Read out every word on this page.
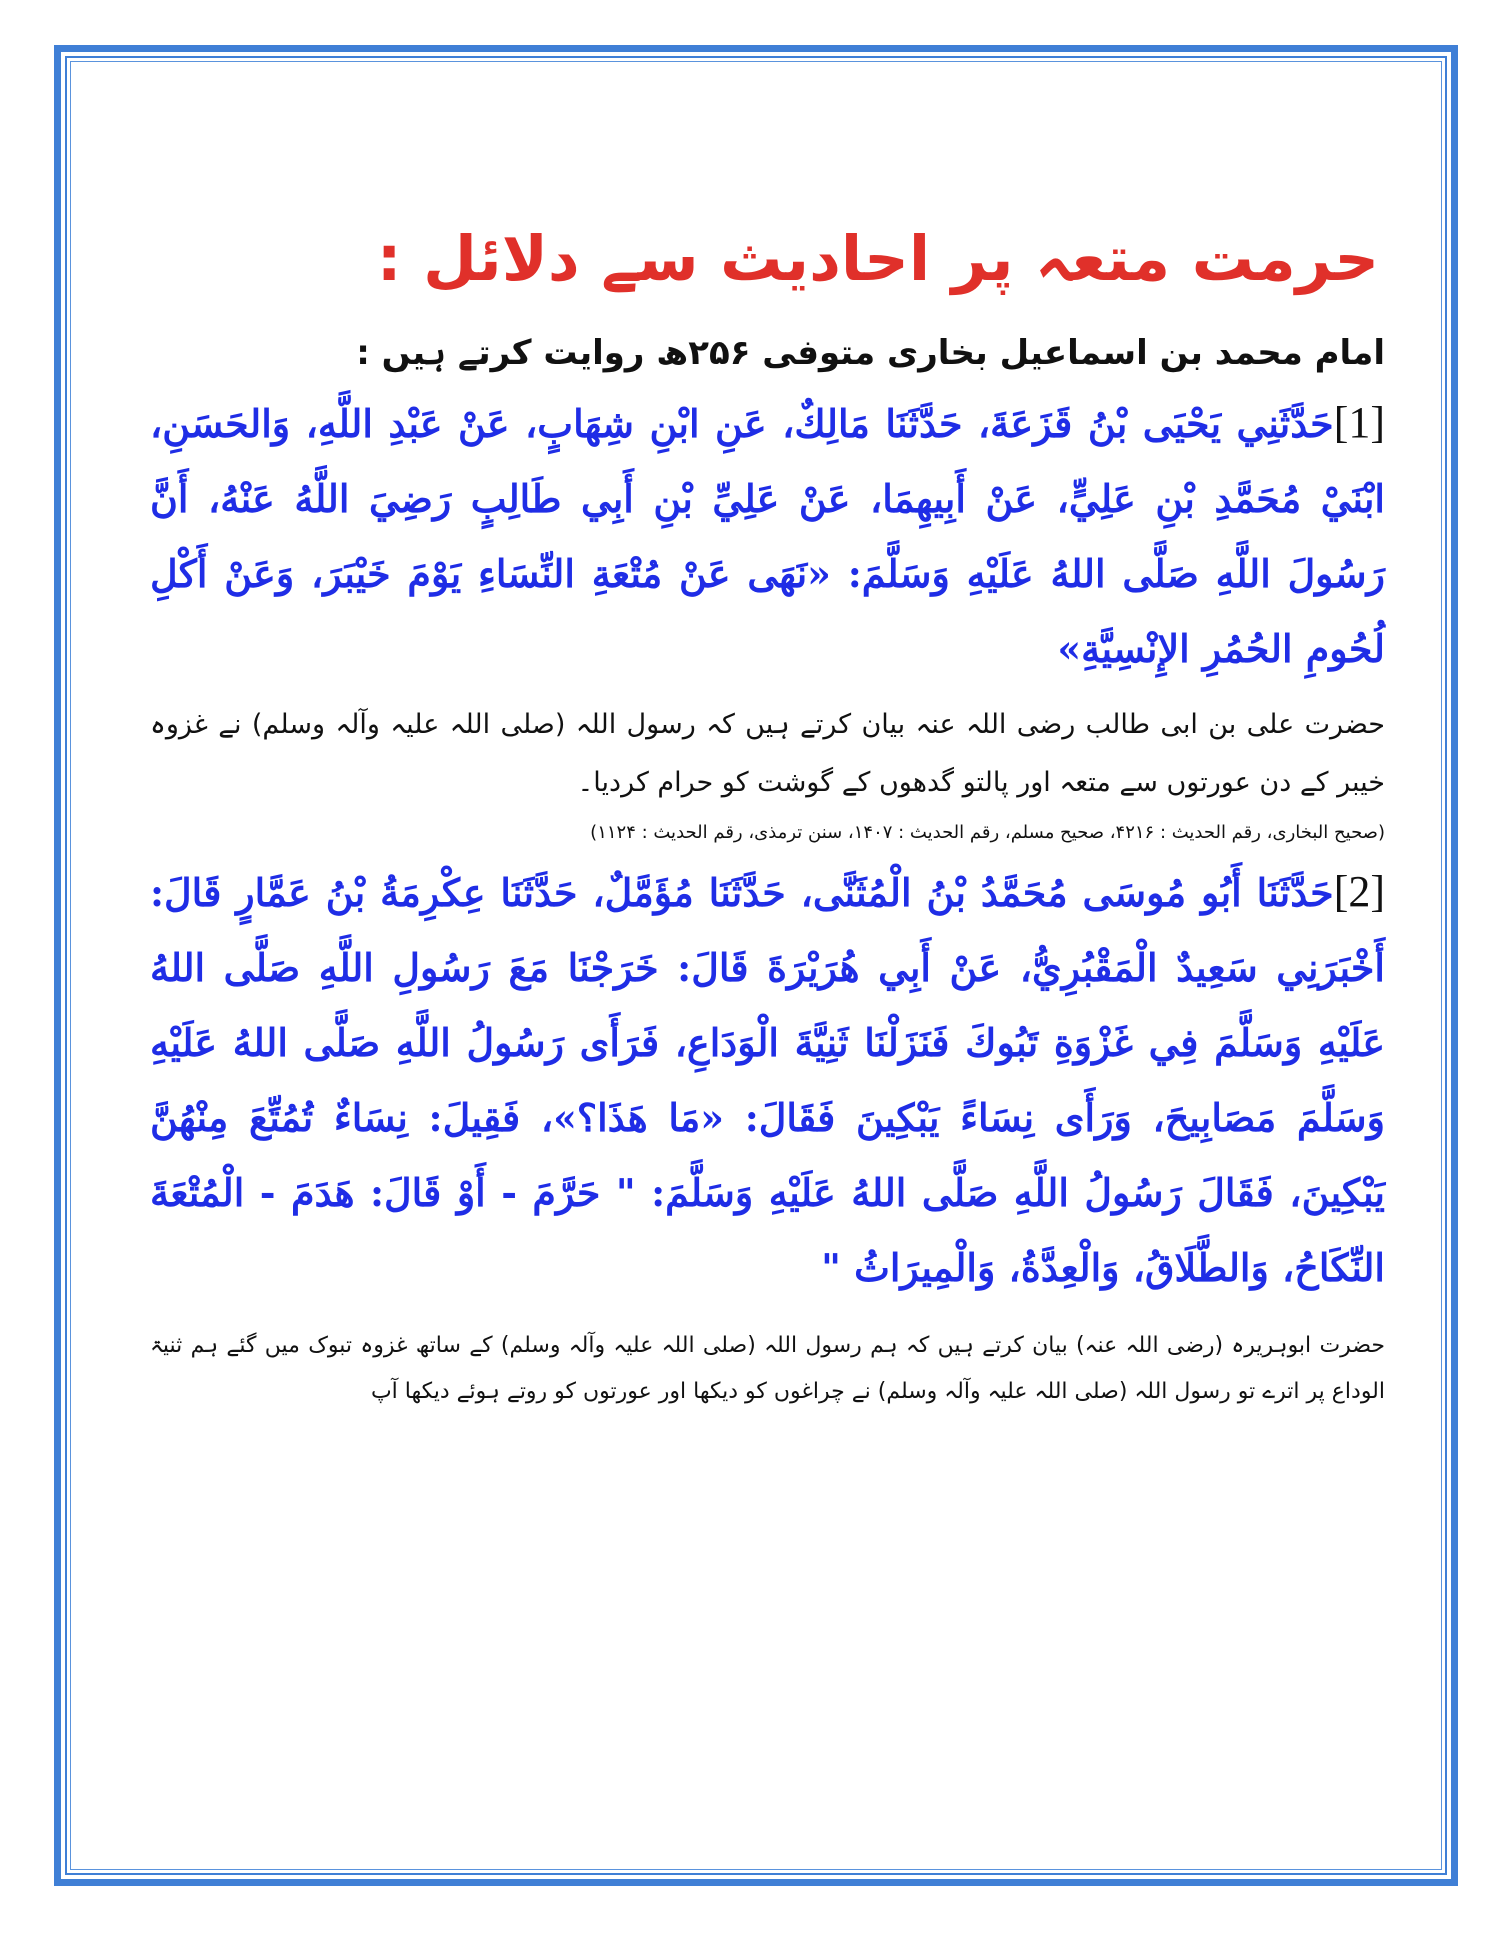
حرمت متعہ پر احادیث سے دلائل :

امام محمد بن اسماعیل بخاری متوفی ۲۵۶ھ روایت کرتے ہیں :

[1]حَدَّثَنِي يَحْيَى بْنُ قَزَعَةَ، حَدَّثَنَا مَالِكٌ، عَنِ ابْنِ شِهَابٍ، عَنْ عَبْدِ اللَّهِ، وَالحَسَنِ، ابْنَيْ مُحَمَّدِ بْنِ عَلِيٍّ، عَنْ أَبِيهِمَا، عَنْ عَلِيِّ بْنِ أَبِي طَالِبٍ رَضِيَ اللَّهُ عَنْهُ، أَنَّ رَسُولَ اللَّهِ صَلَّى اللهُ عَلَيْهِ وَسَلَّمَ: «نَهَى عَنْ مُتْعَةِ النِّسَاءِ يَوْمَ خَيْبَرَ، وَعَنْ أَكْلِ لُحُومِ الحُمُرِ الإِنْسِيَّةِ»

حضرت علی بن ابی طالب رضی اللہ عنہ بیان کرتے ہیں کہ رسول اللہ (صلی اللہ علیہ وآلہ وسلم) نے غزوہ خیبر کے دن عورتوں سے متعہ اور پالتو گدھوں کے گوشت کو حرام کردیا۔

(صحیح البخاری، رقم الحدیث : ۴۲۱۶، صحیح مسلم، رقم الحدیث : ۱۴۰۷، سنن ترمذی، رقم الحدیث : ۱۱۲۴)

[2]حَدَّثَنَا أَبُو مُوسَى مُحَمَّدُ بْنُ الْمُثَنَّى، حَدَّثَنَا مُؤَمَّلٌ، حَدَّثَنَا عِكْرِمَةُ بْنُ عَمَّارٍ قَالَ: أَخْبَرَنِي سَعِيدٌ الْمَقْبُرِيُّ، عَنْ أَبِي هُرَيْرَةَ قَالَ: خَرَجْنَا مَعَ رَسُولِ اللَّهِ صَلَّى اللهُ عَلَيْهِ وَسَلَّمَ فِي غَزْوَةِ تَبُوكَ فَنَزَلْنَا ثَنِيَّةَ الْوَدَاعِ، فَرَأَى رَسُولُ اللَّهِ صَلَّى اللهُ عَلَيْهِ وَسَلَّمَ مَصَابِيحَ، وَرَأَى نِسَاءً يَبْكِينَ فَقَالَ: «مَا هَذَا؟»، فَقِيلَ: نِسَاءٌ تُمُتِّعَ مِنْهُنَّ يَبْكِينَ، فَقَالَ رَسُولُ اللَّهِ صَلَّى اللهُ عَلَيْهِ وَسَلَّمَ: " حَرَّمَ - أَوْ قَالَ: هَدَمَ - الْمُتْعَةَ النِّكَاحُ، وَالطَّلَاقُ، وَالْعِدَّةُ، وَالْمِيرَاثُ "

حضرت ابوہریرہ (رضی اللہ عنہ) بیان کرتے ہیں کہ ہم رسول اللہ (صلی اللہ علیہ وآلہ وسلم) کے ساتھ غزوہ تبوک میں گئے ہم ثنیۃ الوداع پر اترے تو رسول اللہ (صلی اللہ علیہ وآلہ وسلم) نے چراغوں کو دیکھا اور عورتوں کو روتے ہوئے دیکھا آپ
